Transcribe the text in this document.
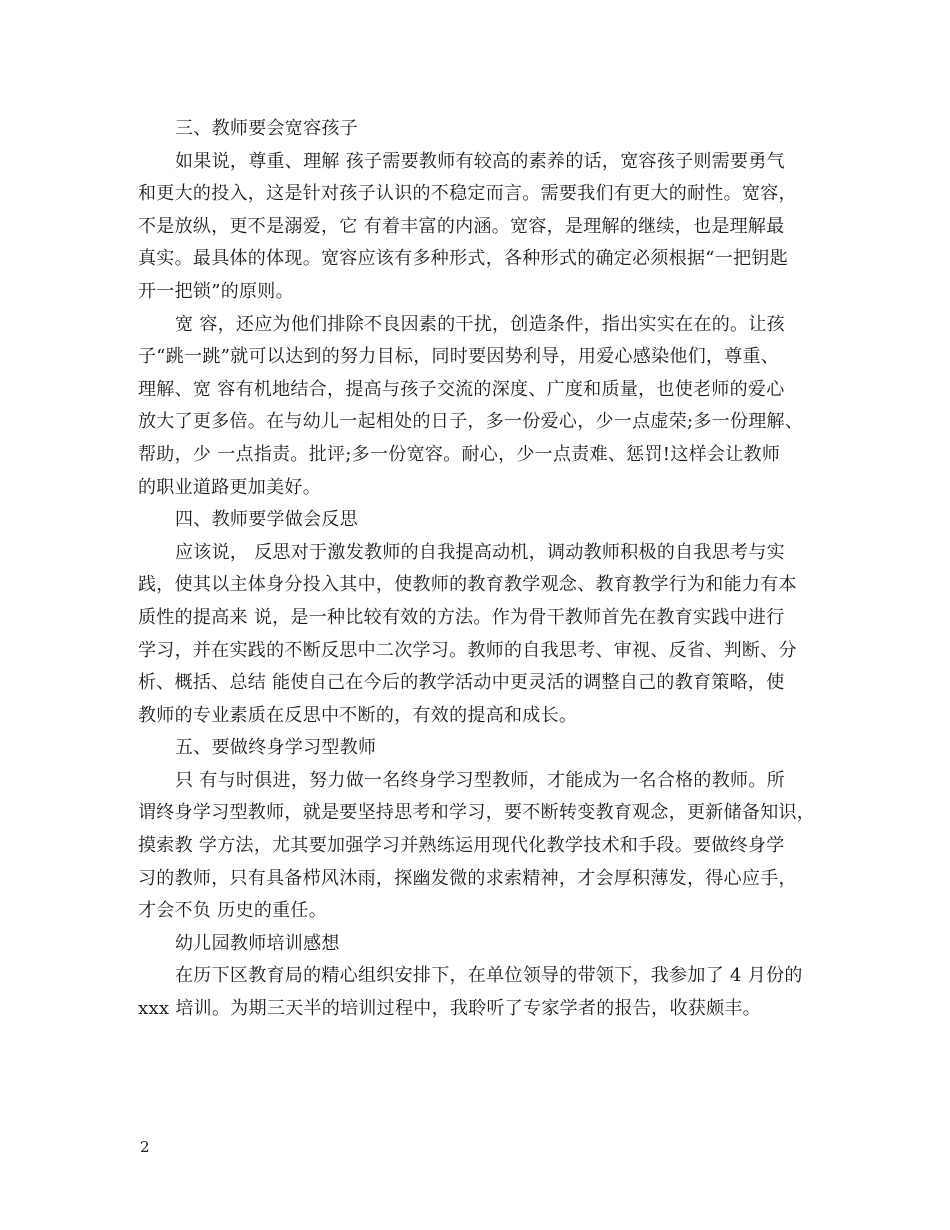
三、教师要会宽容孩子
如果说，尊重、理解 孩子需要教师有较高的素养的话，宽容孩子则需要勇气
和更大的投入，这是针对孩子认识的不稳定而言。需要我们有更大的耐性。宽容，
不是放纵，更不是溺爱，它 有着丰富的内涵。宽容，是理解的继续，也是理解最
真实。最具体的体现。宽容应该有多种形式，各种形式的确定必须根据“一把钥匙
开一把锁”的原则。
宽 容，还应为他们排除不良因素的干扰，创造条件，指出实实在在的。让孩
子“跳一跳”就可以达到的努力目标，同时要因势利导，用爱心感染他们，尊重、
理解、宽 容有机地结合，提高与孩子交流的深度、广度和质量，也使老师的爱心
放大了更多倍。在与幼儿一起相处的日子，多一份爱心，少一点虚荣;多一份理解、
帮助，少 一点指责。批评;多一份宽容。耐心，少一点责难、惩罚!这样会让教师
的职业道路更加美好。
四、教师要学做会反思
应该说， 反思对于激发教师的自我提高动机，调动教师积极的自我思考与实
践，使其以主体身分投入其中，使教师的教育教学观念、教育教学行为和能力有本
质性的提高来 说，是一种比较有效的方法。作为骨干教师首先在教育实践中进行
学习，并在实践的不断反思中二次学习。教师的自我思考、审视、反省、判断、分
析、概括、总结 能使自己在今后的教学活动中更灵活的调整自己的教育策略，使
教师的专业素质在反思中不断的，有效的提高和成长。
五、要做终身学习型教师
只 有与时俱进，努力做一名终身学习型教师，才能成为一名合格的教师。所
谓终身学习型教师，就是要坚持思考和学习，要不断转变教育观念，更新储备知识，
摸索教 学方法，尤其要加强学习并熟练运用现代化教学技术和手段。要做终身学
习的教师，只有具备栉风沐雨，探幽发微的求索精神，才会厚积薄发，得心应手，
才会不负 历史的重任。
幼儿园教师培训感想
在历下区教育局的精心组织安排下，在单位领导的带领下，我参加了 4 月份的
xxx 培训。为期三天半的培训过程中，我聆听了专家学者的报告，收获颇丰。
2
